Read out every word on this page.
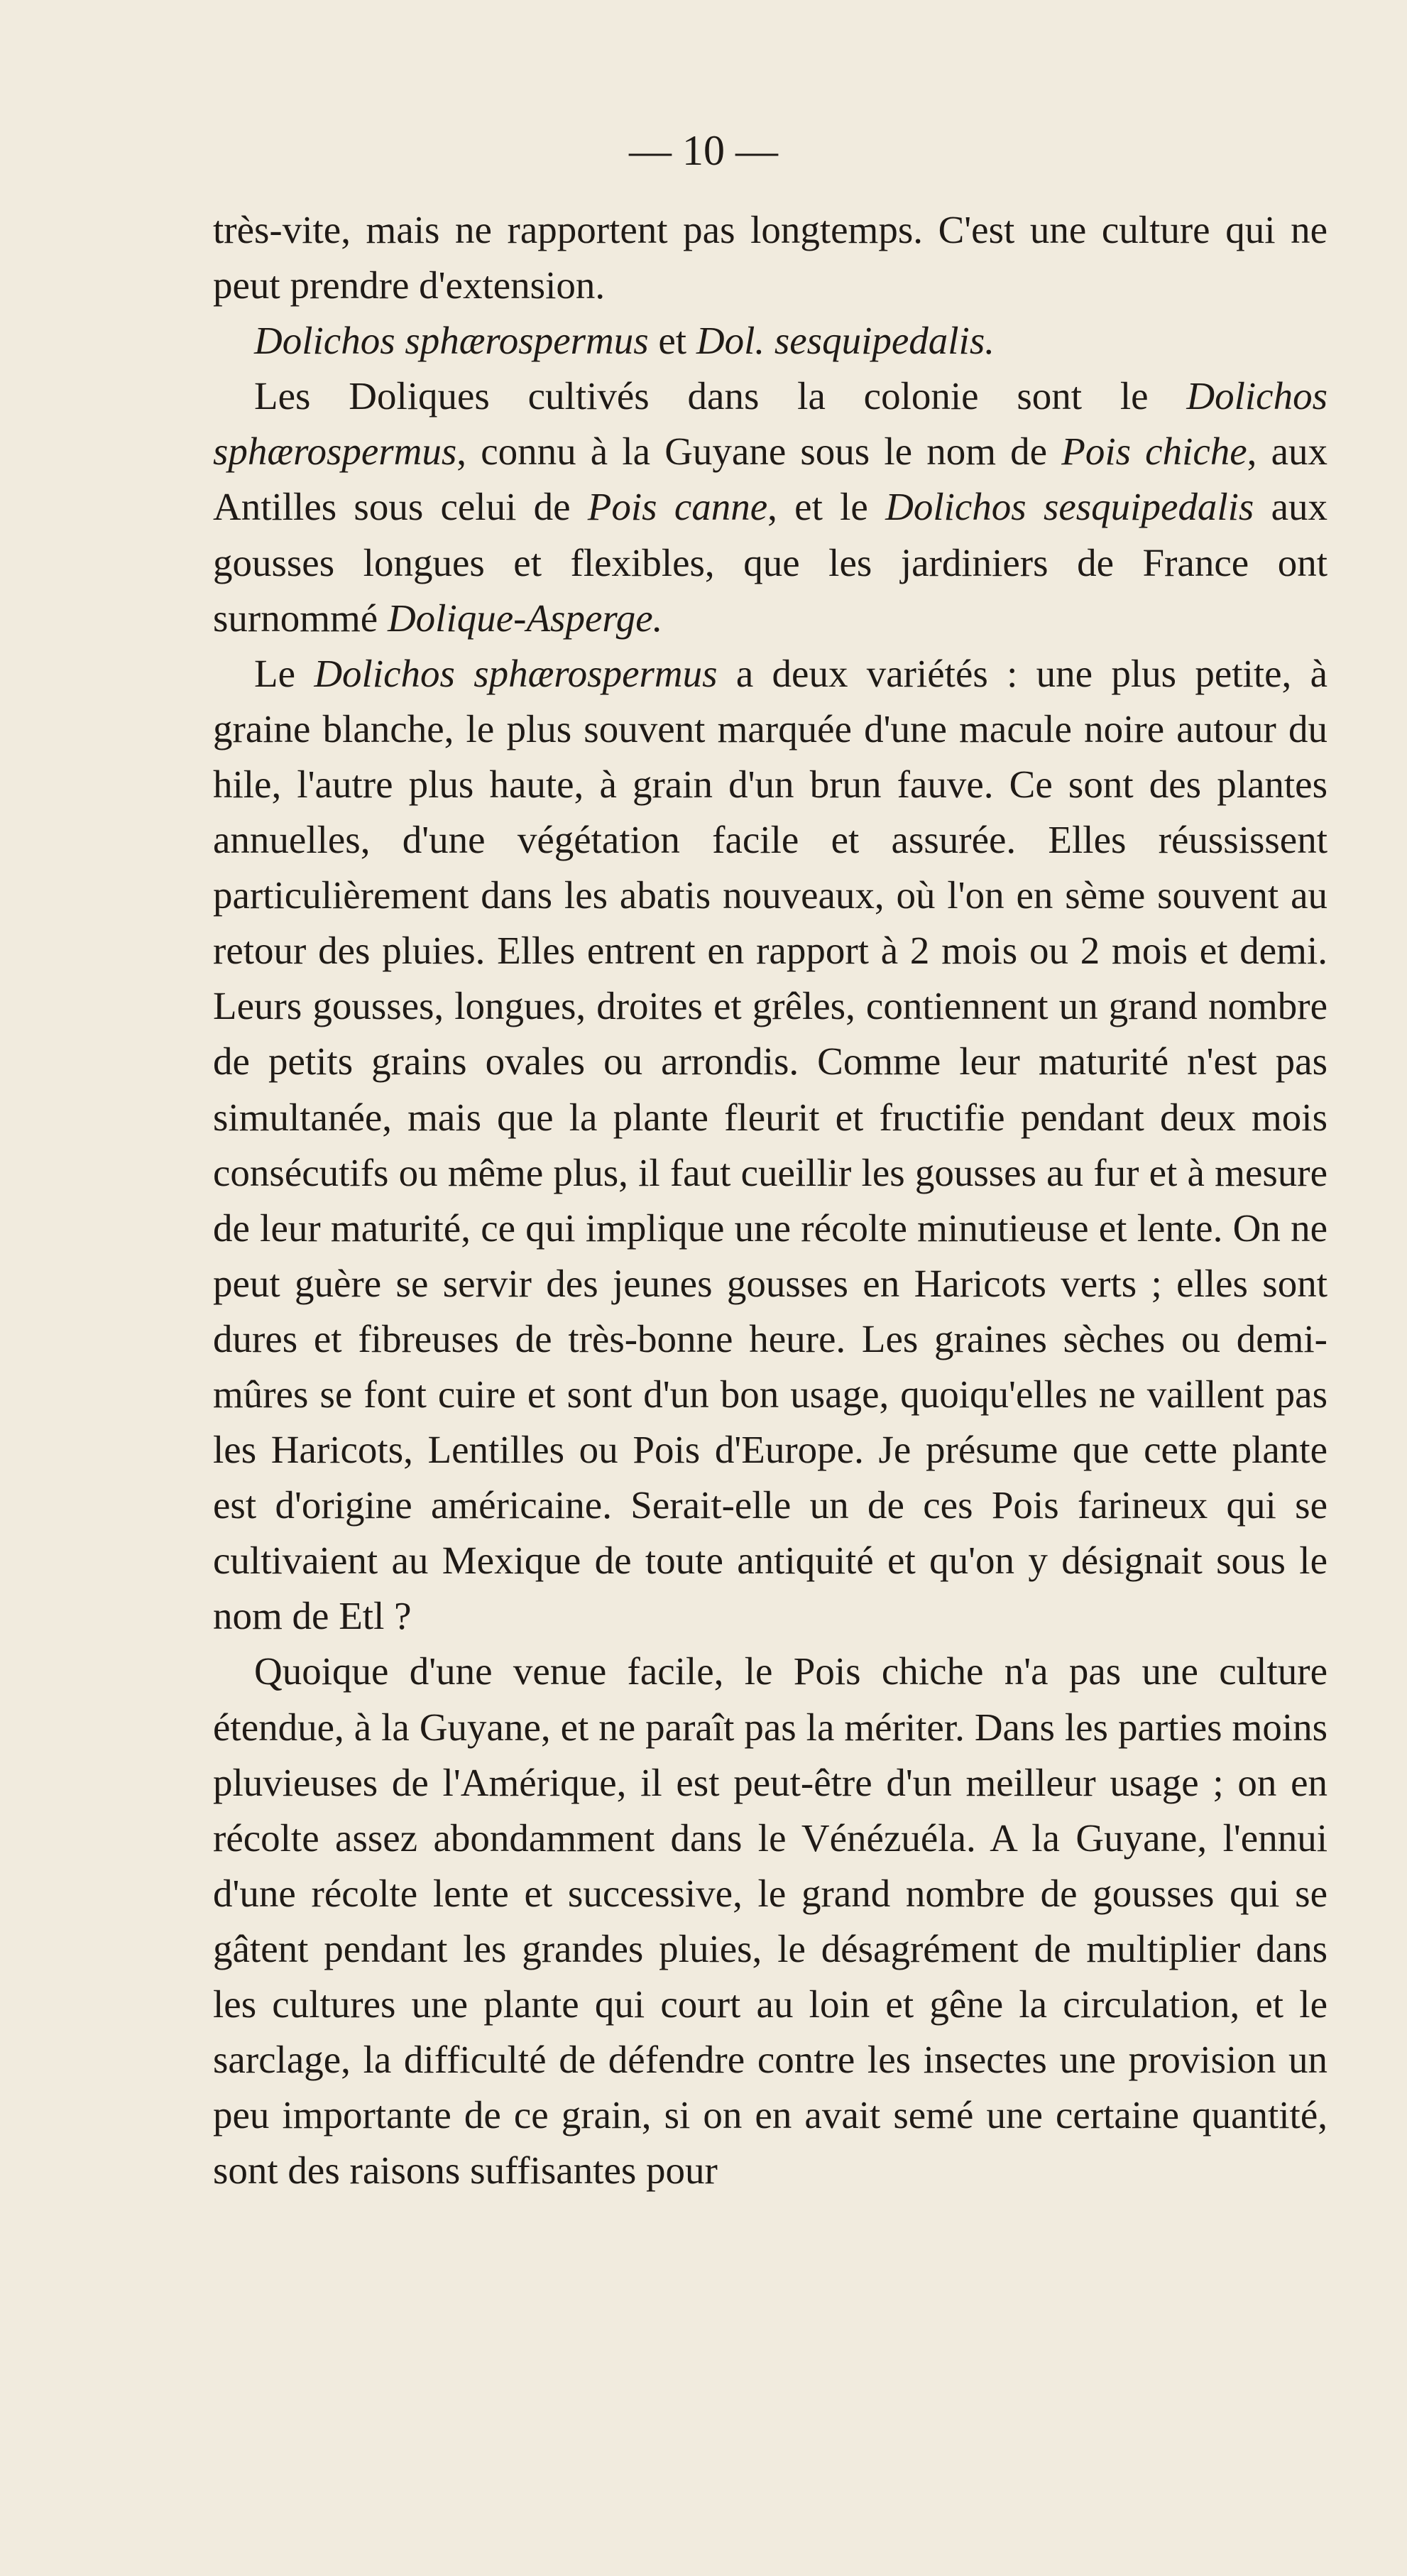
— 10 —

très-vite, mais ne rapportent pas longtemps. C'est une culture qui ne peut prendre d'extension.

Dolichos sphærospermus et Dol. sesquipedalis.

Les Doliques cultivés dans la colonie sont le Dolichos sphærospermus, connu à la Guyane sous le nom de Pois chiche, aux Antilles sous celui de Pois canne, et le Dolichos sesquipedalis aux gousses longues et flexibles, que les jardiniers de France ont surnommé Dolique-Asperge.

Le Dolichos sphærospermus a deux variétés : une plus petite, à graine blanche, le plus souvent marquée d'une macule noire autour du hile, l'autre plus haute, à grain d'un brun fauve. Ce sont des plantes annuelles, d'une végétation facile et assurée. Elles réussissent particulièrement dans les abatis nouveaux, où l'on en sème souvent au retour des pluies. Elles entrent en rapport à 2 mois ou 2 mois et demi. Leurs gousses, longues, droites et grêles, contiennent un grand nombre de petits grains ovales ou arrondis. Comme leur maturité n'est pas simultanée, mais que la plante fleurit et fructifie pendant deux mois consécutifs ou même plus, il faut cueillir les gousses au fur et à mesure de leur maturité, ce qui implique une récolte minutieuse et lente. On ne peut guère se servir des jeunes gousses en Haricots verts ; elles sont dures et fibreuses de très-bonne heure. Les graines sèches ou demi-mûres se font cuire et sont d'un bon usage, quoiqu'elles ne vaillent pas les Haricots, Lentilles ou Pois d'Europe. Je présume que cette plante est d'origine américaine. Serait-elle un de ces Pois farineux qui se cultivaient au Mexique de toute antiquité et qu'on y désignait sous le nom de Etl ?

Quoique d'une venue facile, le Pois chiche n'a pas une culture étendue, à la Guyane, et ne paraît pas la mériter. Dans les parties moins pluvieuses de l'Amérique, il est peut-être d'un meilleur usage ; on en récolte assez abondamment dans le Vénézuéla. A la Guyane, l'ennui d'une récolte lente et successive, le grand nombre de gousses qui se gâtent pendant les grandes pluies, le désagrément de multiplier dans les cultures une plante qui court au loin et gêne la circulation, et le sarclage, la difficulté de défendre contre les insectes une provision un peu importante de ce grain, si on en avait semé une certaine quantité, sont des raisons suffisantes pour
